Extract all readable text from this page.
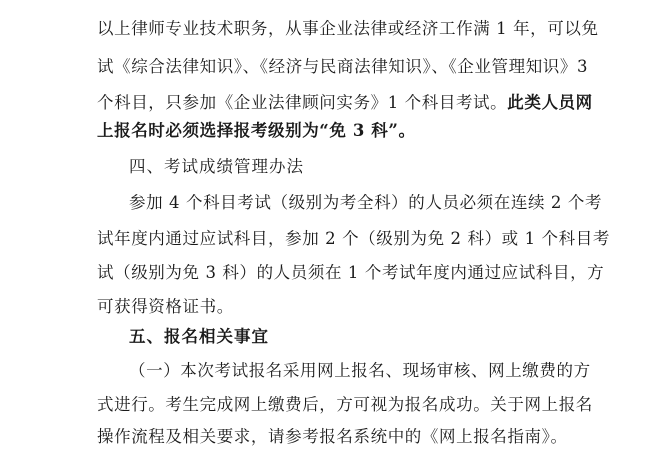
以上律师专业技术职务，从事企业法律或经济工作满 1 年，可以免
试《综合法律知识》、《经济与民商法律知识》、《企业管理知识》3
个科目，只参加《企业法律顾问实务》1 个科目考试。此类人员网
上报名时必须选择报考级别为“免 3 科”。
四、考试成绩管理办法
参加 4 个科目考试（级别为考全科）的人员必须在连续 2 个考
试年度内通过应试科目，参加 2 个（级别为免 2 科）或 1 个科目考
试（级别为免 3 科）的人员须在 1 个考试年度内通过应试科目，方
可获得资格证书。
五、报名相关事宜
（一）本次考试报名采用网上报名、现场审核、网上缴费的方
式进行。考生完成网上缴费后，方可视为报名成功。关于网上报名
操作流程及相关要求，请参考报名系统中的《网上报名指南》。
